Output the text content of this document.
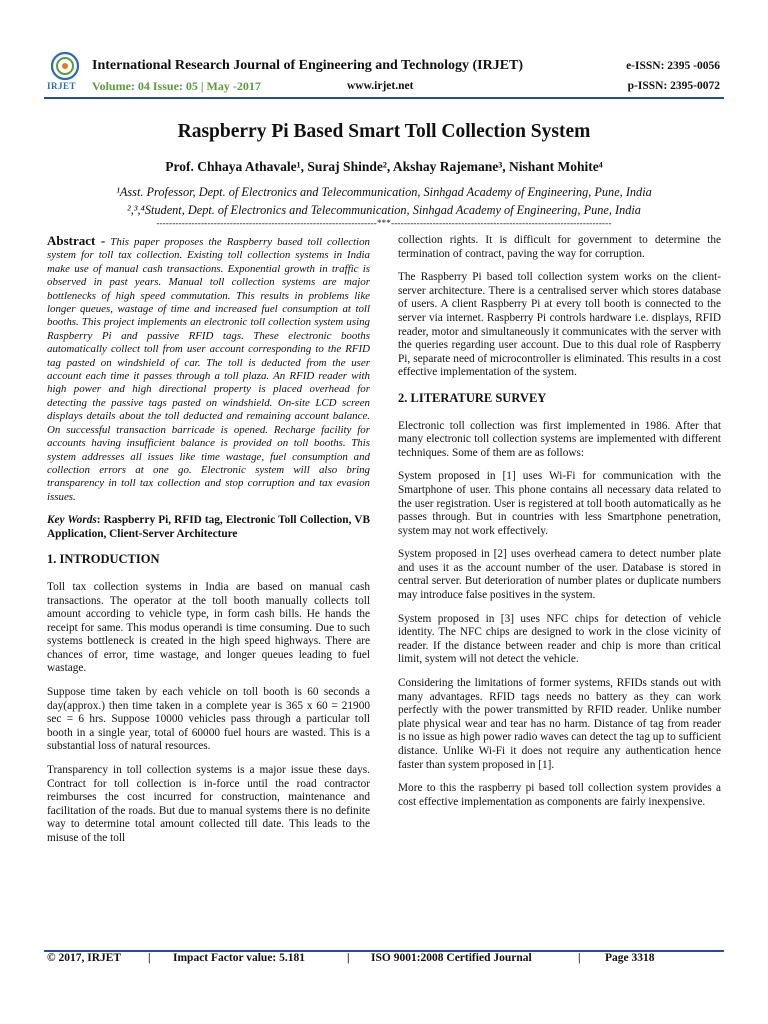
IRJET
International Research Journal of Engineering and Technology (IRJET)	e-ISSN: 2395 -0056
Volume: 04 Issue: 05 | May -2017	www.irjet.net	p-ISSN: 2395-0072
Raspberry Pi Based Smart Toll Collection System
Prof. Chhaya Athavale¹, Suraj Shinde², Akshay Rajemane³, Nishant Mohite⁴
¹Asst. Professor, Dept. of Electronics and Telecommunication, Sinhgad Academy of Engineering, Pune, India
²,³,⁴Student, Dept. of Electronics and Telecommunication, Sinhgad Academy of Engineering, Pune, India
---------------------------------------------------------------------***---------------------------------------------------------------------

Abstract - This paper proposes the Raspberry based toll collection system for toll tax collection. Existing toll collection systems in India make use of manual cash transactions. Exponential growth in traffic is observed in past years. Manual toll collection systems are major bottlenecks of high speed commutation. This results in problems like longer queues, wastage of time and increased fuel consumption at toll booths. This project implements an electronic toll collection system using Raspberry Pi and passive RFID tags. These electronic booths automatically collect toll from user account corresponding to the RFID tag pasted on windshield of car. The toll is deducted from the user account each time it passes through a toll plaza. An RFID reader with high power and high directional property is placed overhead for detecting the passive tags pasted on windshield. On-site LCD screen displays details about the toll deducted and remaining account balance. On successful transaction barricade is opened. Recharge facility for accounts having insufficient balance is provided on toll booths. This system addresses all issues like time wastage, fuel consumption and collection errors at one go. Electronic system will also bring transparency in toll tax collection and stop corruption and tax evasion issues.

Key Words: Raspberry Pi, RFID tag, Electronic Toll Collection, VB Application, Client-Server Architecture

1. INTRODUCTION

Toll tax collection systems in India are based on manual cash transactions. The operator at the toll booth manually collects toll amount according to vehicle type, in form cash bills. He hands the receipt for same. This modus operandi is time consuming. Due to such systems bottleneck is created in the high speed highways. There are chances of error, time wastage, and longer queues leading to fuel wastage.

Suppose time taken by each vehicle on toll booth is 60 seconds a day(approx.) then time taken in a complete year is 365 x 60 = 21900 sec = 6 hrs. Suppose 10000 vehicles pass through a particular toll booth in a single year, total of 60000 fuel hours are wasted. This is a substantial loss of natural resources.

Transparency in toll collection systems is a major issue these days. Contract for toll collection is in-force until the road contractor reimburses the cost incurred for construction, maintenance and facilitation of the roads. But due to manual systems there is no definite way to determine total amount collected till date. This leads to the misuse of the toll

collection rights. It is difficult for government to determine the termination of contract, paving the way for corruption.

The Raspberry Pi based toll collection system works on the client-server architecture. There is a centralised server which stores database of users. A client Raspberry Pi at every toll booth is connected to the server via internet. Raspberry Pi controls hardware i.e. displays, RFID reader, motor and simultaneously it communicates with the server with the queries regarding user account. Due to this dual role of Raspberry Pi, separate need of microcontroller is eliminated. This results in a cost effective implementation of the system.

2. LITERATURE SURVEY

Electronic toll collection was first implemented in 1986. After that many electronic toll collection systems are implemented with different techniques. Some of them are as follows:

System proposed in [1] uses Wi-Fi for communication with the Smartphone of user. This phone contains all necessary data related to the user registration. User is registered at toll booth automatically as he passes through. But in countries with less Smartphone penetration, system may not work effectively.

System proposed in [2] uses overhead camera to detect number plate and uses it as the account number of the user. Database is stored in central server. But deterioration of number plates or duplicate numbers may introduce false positives in the system.

System proposed in [3] uses NFC chips for detection of vehicle identity. The NFC chips are designed to work in the close vicinity of reader. If the distance between reader and chip is more than critical limit, system will not detect the vehicle.

Considering the limitations of former systems, RFIDs stands out with many advantages. RFID tags needs no battery as they can work perfectly with the power transmitted by RFID reader. Unlike number plate physical wear and tear has no harm. Distance of tag from reader is no issue as high power radio waves can detect the tag up to sufficient distance. Unlike Wi-Fi it does not require any authentication hence faster than system proposed in [1].

More to this the raspberry pi based toll collection system provides a cost effective implementation as components are fairly inexpensive.

© 2017, IRJET | Impact Factor value: 5.181	| ISO 9001:2008 Certified Journal	| Page 3318
